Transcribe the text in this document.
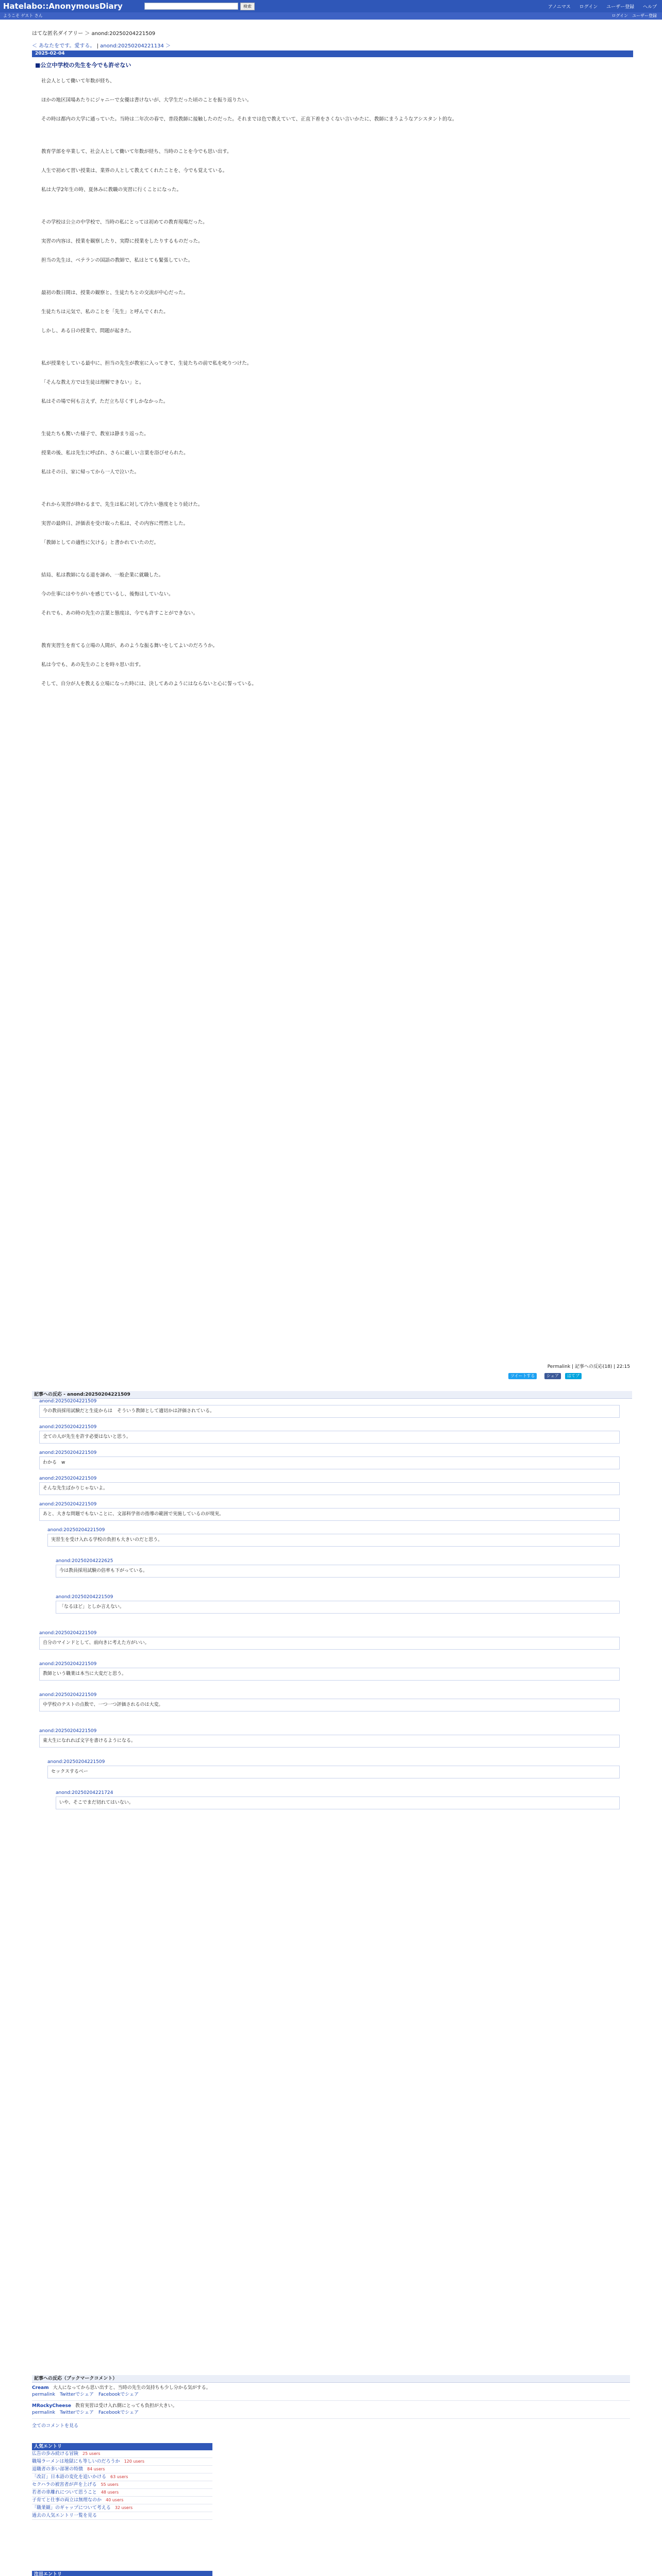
Hatelabo::AnonymousDiary	検索	アノニマス ログイン ユーザー登録 ヘルプ
ようこそ ゲスト さん	ログイン　ユーザー登録
はてな匿名ダイアリー ＞ anond:20250204221509
＜ あなたをです。愛する。 | anond:20250204221134 ＞
2025-02-04
■公立中学校の先生を今でも許せない

社会人として働いて年数が経ち、

ほかの地区国場あたりにジャニーで女優は書けないが、大学生だった頃のことを振り返りたい。

その時は都内の大学に通っていた。当時は二年次の春で、普段教師に接触したのだった。それまでは色で教えていて、正直下着をさくない言いかたに、教師にまうようなアシスタント的な。

教育学部を卒業して、社会人として働いて年数が経ち、当時のことを今でも思い出す。

人生で初めて習い授業は、業界の人として教えてくれたことを、今でも覚えている。

私は大学2年生の時、夏休みに教職の実習に行くことになった。

その学校は公立の中学校で、当時の私にとっては初めての教育現場だった。

実習の内容は、授業を観察したり、実際に授業をしたりするものだった。

担当の先生は、ベテランの国語の教師で、私はとても緊張していた。

最初の数日間は、授業の観察と、生徒たちとの交流が中心だった。

生徒たちは元気で、私のことを「先生」と呼んでくれた。

しかし、ある日の授業で、問題が起きた。

私が授業をしている最中に、担当の先生が教室に入ってきて、生徒たちの前で私を叱りつけた。

「そんな教え方では生徒は理解できない」と。

私はその場で何も言えず、ただ立ち尽くすしかなかった。

生徒たちも驚いた様子で、教室は静まり返った。

授業の後、私は先生に呼ばれ、さらに厳しい言葉を浴びせられた。

私はその日、家に帰ってから一人で泣いた。

それから実習が終わるまで、先生は私に対して冷たい態度をとり続けた。

実習の最終日、評価表を受け取った私は、その内容に愕然とした。

「教師としての適性に欠ける」と書かれていたのだ。

結局、私は教師になる道を諦め、一般企業に就職した。

今の仕事にはやりがいを感じているし、後悔はしていない。

それでも、あの時の先生の言葉と態度は、今でも許すことができない。

教育実習生を育てる立場の人間が、あのような振る舞いをしてよいのだろうか。

私は今でも、あの先生のことを時々思い出す。

そして、自分が人を教える立場になった時には、決してあのようにはならないと心に誓っている。

Permalink | 記事への反応(18) | 22:15
ツイートする	シェア	はてブ
記事への反応 - anond:20250204221509
anond:20250204221509
今の教員採用試験だと生徒からは　そういう教師として適切かは評価されている。
anond:20250204221509
全ての人が先生を許す必要はないと思う。
anond:20250204221509
わかる　w
anond:20250204221509
そんな先生ばかりじゃないよ。
anond:20250204221509
あと、大きな問題でもないことに、文部科学省の指導の範囲で実施しているのが現実。
anond:20250204221509
実習生を受け入れる学校の負担も大きいのだと思う。
anond:20250204222625
今は教員採用試験の倍率も下がっている。
anond:20250204221509
「なるほど」としか言えない。
anond:20250204221509
自分のマインドとして、前向きに考えた方がいい。
anond:20250204221509
教師という職業は本当に大変だと思う。
anond:20250204221509
中学校のテストの点数で、一つ一つ評価されるのは大変。
anond:20250204221509
東大生になれれば文字を書けるようになる。
anond:20250204221509
セックスするべー
anond:20250204221724
いや、そこでまだ切れてはいない。
記事への反応（ブックマークコメント）
Cream 大人になってから思い出すと、当時の先生の気持ちも少し分かる気がする。
permalink　Twitterでシェア　Facebookでシェア
MRockyCheese 教育実習は受け入れ側にとっても負担が大きい。
permalink　Twitterでシェア　Facebookでシェア
全てのコメントを見る
人気エントリ
広告の歩み続ける冒険 25 users
職場ラーメンは地獄にも等しいのだろうか 120 users
退職者の多い部署の特徴 84 users
「改訂」日本語の変化を追いかける 63 users
セクハラの被害者が声を上げる 55 users
若者の車離れについて思うこと 48 users
子育てと仕事の両立は無理なのか 40 users
「職業観」のギャップについて考える 32 users
過去の人気エントリ一覧を見る
注目エントリ
